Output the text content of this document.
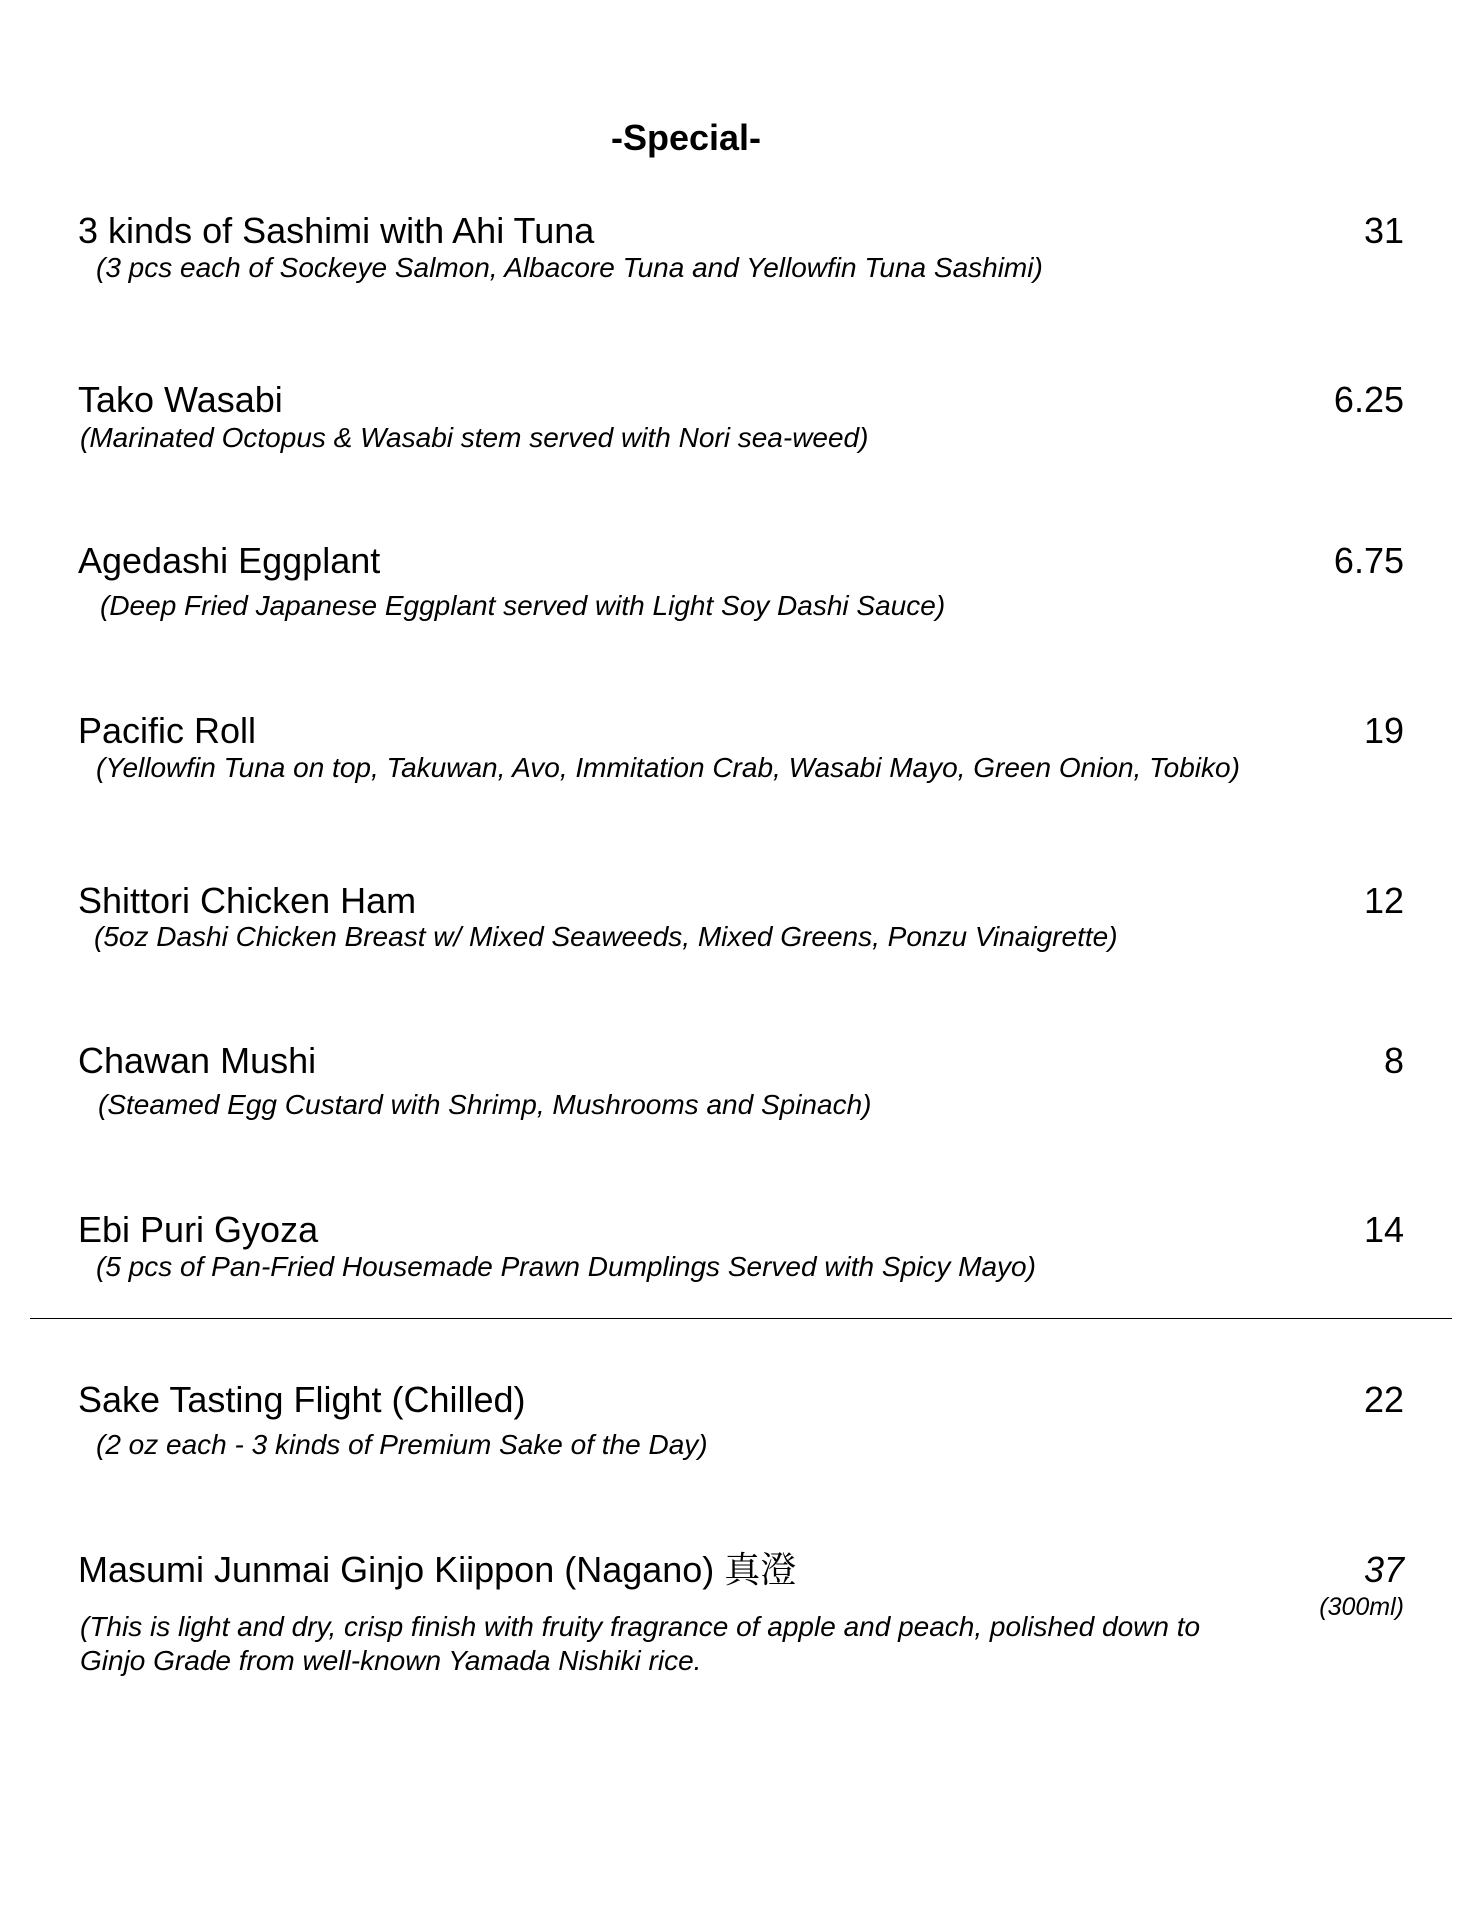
-Special-
3 kinds of Sashimi with Ahi Tuna	31
(3 pcs each of Sockeye Salmon, Albacore Tuna and Yellowfin Tuna Sashimi)
Tako Wasabi	6.25
(Marinated Octopus & Wasabi stem served with Nori sea-weed)
Agedashi Eggplant	6.75
(Deep Fried Japanese Eggplant served with Light Soy Dashi Sauce)
Pacific Roll	19
(Yellowfin Tuna on top, Takuwan, Avo, Immitation Crab, Wasabi Mayo, Green Onion, Tobiko)
Shittori Chicken Ham	12
(5oz Dashi Chicken Breast w/ Mixed Seaweeds, Mixed Greens, Ponzu Vinaigrette)
Chawan Mushi	8
(Steamed Egg Custard with Shrimp, Mushrooms and Spinach)
Ebi Puri Gyoza	14
(5 pcs of Pan-Fried Housemade Prawn Dumplings Served with Spicy Mayo)
Sake Tasting Flight (Chilled)	22
(2 oz each - 3 kinds of Premium Sake of the Day)
Masumi Junmai Ginjo Kiippon (Nagano) 真澄	37
(300ml)
(This is light and dry, crisp finish with fruity fragrance of apple and peach, polished down to Ginjo Grade from well-known Yamada Nishiki rice.
